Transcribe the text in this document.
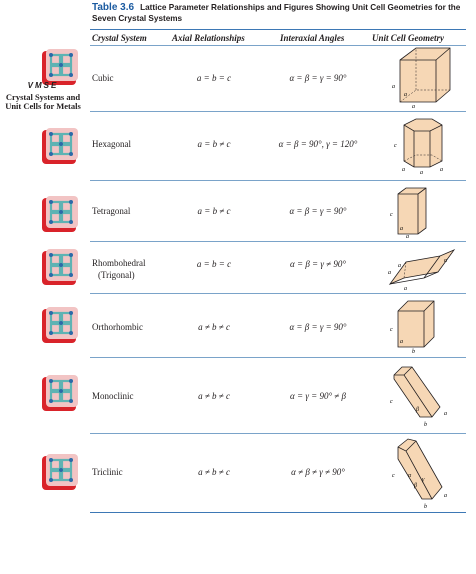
Table 3.6 Lattice Parameter Relationships and Figures Showing Unit Cell Geometries for the Seven Crystal Systems
VMSE
Crystal Systems and Unit Cells for Metals
Crystal System	Axial Relationships	Interaxial Angles	Unit Cell Geometry
Cubic	a = b = c	α = β = γ = 90°
a
a
a
Hexagonal	a = b ≠ c	α = β = 90°, γ = 120°	c
a	a	a
Tetragonal	a = b ≠ c	α = β = γ = 90°	c
a
a
Rhombohedral
(Trigonal)
a = b = c	α = β = γ ≠ 90°
a
a
a
α
Orthorhombic	a ≠ b ≠ c	α = β = γ = 90°	c
a
b
Monoclinic	a ≠ b ≠ c	α = γ = 90° ≠ β
c
β
a
b
Triclinic	a ≠ b ≠ c	α ≠ β ≠ γ ≠ 90°	c α
β
γ
a
b
